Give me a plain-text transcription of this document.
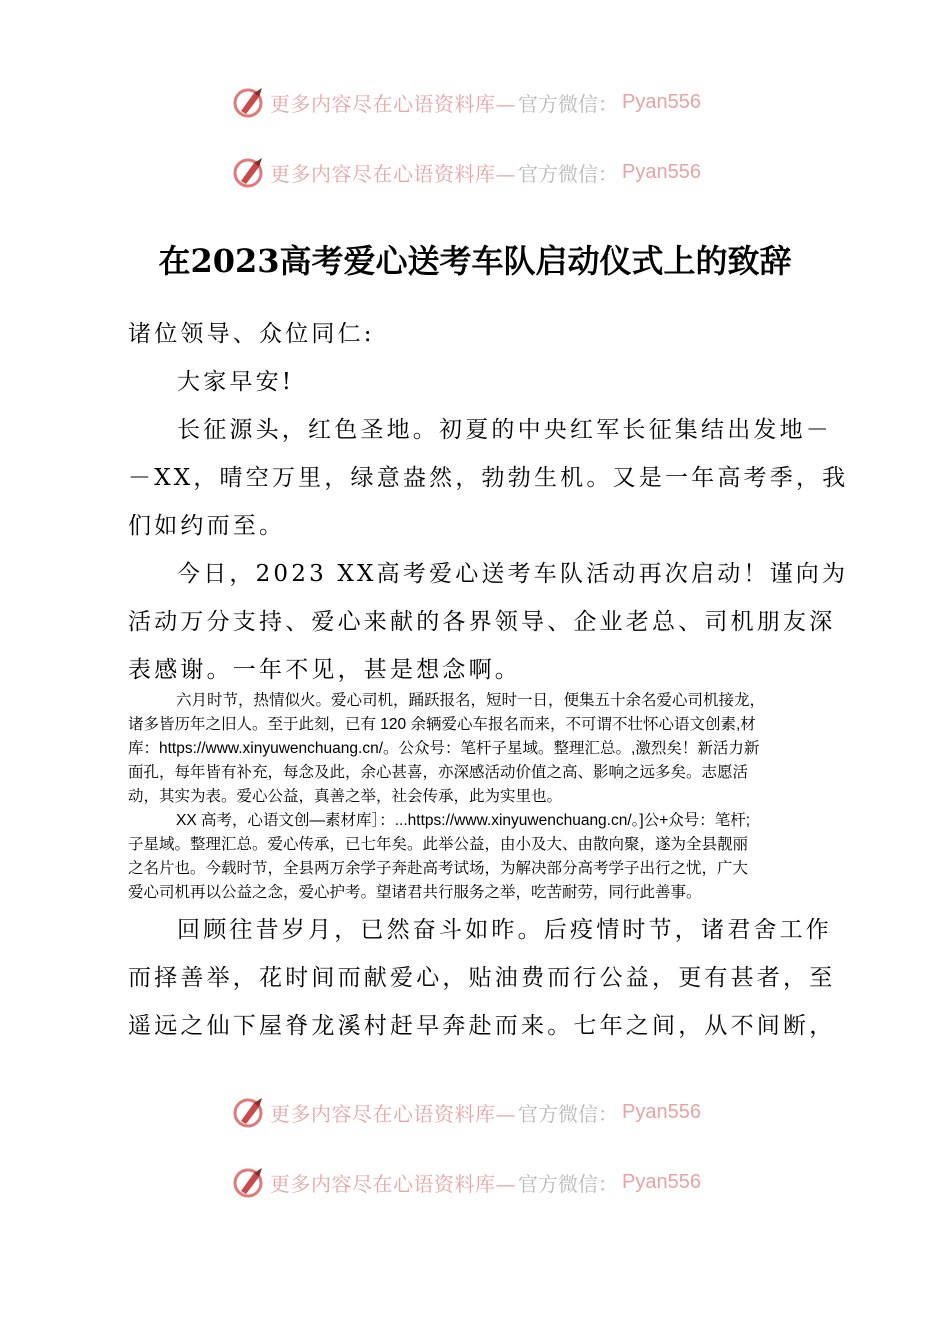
更多内容尽在心语资料库— 官方微信： Pyan556
更多内容尽在心语资料库— 官方微信： Pyan556
在2023高考爱心送考车队启动仪式上的致辞

诸位领导、众位同仁:

大家早安!

长征源头，红色圣地。初夏的中央红军长征集结出发地－
－XX，晴空万里，绿意盎然，勃勃生机。又是一年高考季，我
们如约而至。

今日，2023 XX高考爱心送考车队活动再次启动！谨向为
活动万分支持、爱心来献的各界领导、企业老总、司机朋友深
表感谢。一年不见，甚是想念啊。

六月时节，热情似火。爱心司机，踊跃报名，短时一日，便集五十余名爱心司机接龙，
诸多皆历年之旧人。至于此刻，已有 120 余辆爱心车报名而来，不可谓不壮怀心语文创素,材
库：https://www.xinyuwenchuang.cn/。公众号：笔杆子星域。整理汇总。,激烈矣！新活力新
面孔，每年皆有补充，每念及此，余心甚喜，亦深感活动价值之高、影响之远多矣。志愿活
动，其实为表。爱心公益，真善之举，社会传承，此为实里也。

XX 高考，心语文创—素材库］：...https://www.xinyuwenchuang.cn/。]公+众号：笔杆;
子星域。整理汇总。爱心传承，已七年矣。此举公益，由小及大、由散向聚，遂为全县靓丽
之名片也。今载时节，全县两万余学子奔赴高考试场，为解决部分高考学子出行之忧，广大
爱心司机再以公益之念，爱心护考。望诸君共行服务之举，吃苦耐劳，同行此善事。

回顾往昔岁月，已然奋斗如昨。后疫情时节，诸君舍工作
而择善举，花时间而献爱心，贴油费而行公益，更有甚者，至
遥远之仙下屋脊龙溪村赶早奔赴而来。七年之间，从不间断，

更多内容尽在心语资料库— 官方微信： Pyan556
更多内容尽在心语资料库— 官方微信： Pyan556
